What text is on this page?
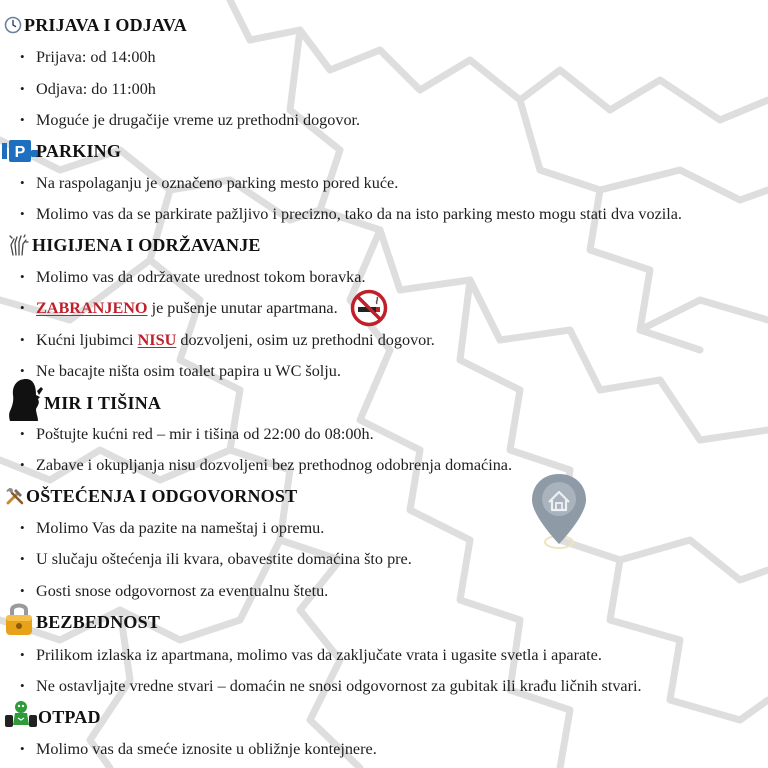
PRIJAVA I ODJAVA
• Prijava: od 14:00h
• Odjava: do 11:00h
• Moguće je drugačije vreme uz prethodni dogovor.
P PARKING
• Na raspolaganju je označeno parking mesto pored kuće.
• Molimo vas da se parkirate pažljivo i precizno, tako da na isto parking mesto mogu stati dva vozila.
HIGIJENA I ODRŽAVANJE
• Molimo vas da održavate urednost tokom boravka.
• ZABRANJENO je pušenje unutar apartmana.
• Kućni ljubimci NISU dozvoljeni, osim uz prethodni dogovor.
• Ne bacajte ništa osim toalet papira u WC šolju.
MIR I TIŠINA
• Poštujte kućni red – mir i tišina od 22:00 do 08:00h.
• Zabave i okupljanja nisu dozvoljeni bez prethodnog odobrenja domaćina.
OŠTEĆENJA I ODGOVORNOST
• Molimo Vas da pazite na nameštaj i opremu.
• U slučaju oštećenja ili kvara, obavestite domaćina što pre.
• Gosti snose odgovornost za eventualnu štetu.
BEZBEDNOST
• Prilikom izlaska iz apartmana, molimo vas da zaključate vrata i ugasite svetla i aparate.
• Ne ostavljajte vredne stvari – domaćin ne snosi odgovornost za gubitak ili krađu ličnih stvari.
OTPAD
• Molimo vas da smeće iznosite u obližnje kontejnere.
